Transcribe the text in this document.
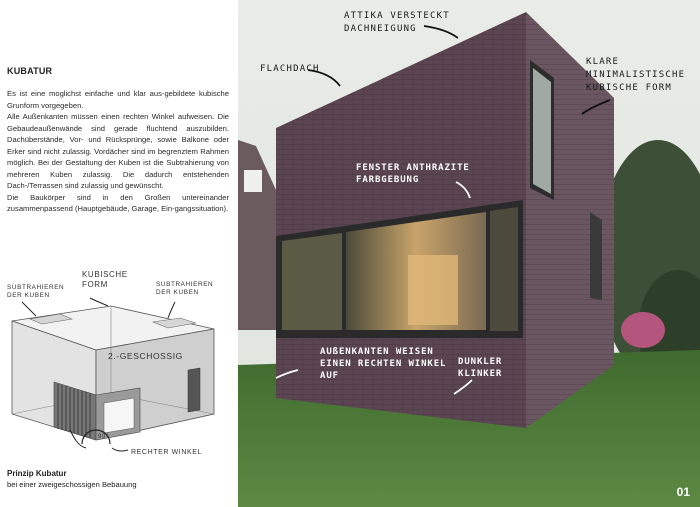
KUBATUR

Es ist eine moglichst einfache und klar aus-gebildete kubische Grunform vorgegeben.

Alle Außenkanten müssen einen rechten Winkel aufweisen. Die Gebaudeaußenwände sind gerade fluchtend auszubilden. Dachüberstände, Vor- und Rücksprünge, sowie Balkone oder Erker sind nicht zulassig. Vordächer sind im begrenztem Rahmen möglich. Bei der Gestaltung der Kuben ist die Subtrahierung von mehreren Kuben zulassig. Die dadurch entstehenden Dach-/Terrassen sind zulassig und gewünscht.

Die Baukörper sind in den Großen untereinander zusammenpassend (Hauptgebäude, Garage, Ein-gangssituation).

SUBTRAHIEREN DER KUBEN
KUBISCHE FORM	SUBTRAHIEREN DER KUBEN
2.-GESCHOSSIG
90°
RECHTER WINKEL
Prinzip Kubatur
bei einer zweigeschossigen Bebauung
ATTIKA VERSTECKT DACHNEIGUNG
FLACHDACH
KLARE MINIMALISTISCHE KUBISCHE FORM
FENSTER ANTHRAZITE FARBGEBUNG
AUßENKANTEN WEISEN EINEN RECHTEN WINKEL AUF
DUNKLER KLINKER
01
